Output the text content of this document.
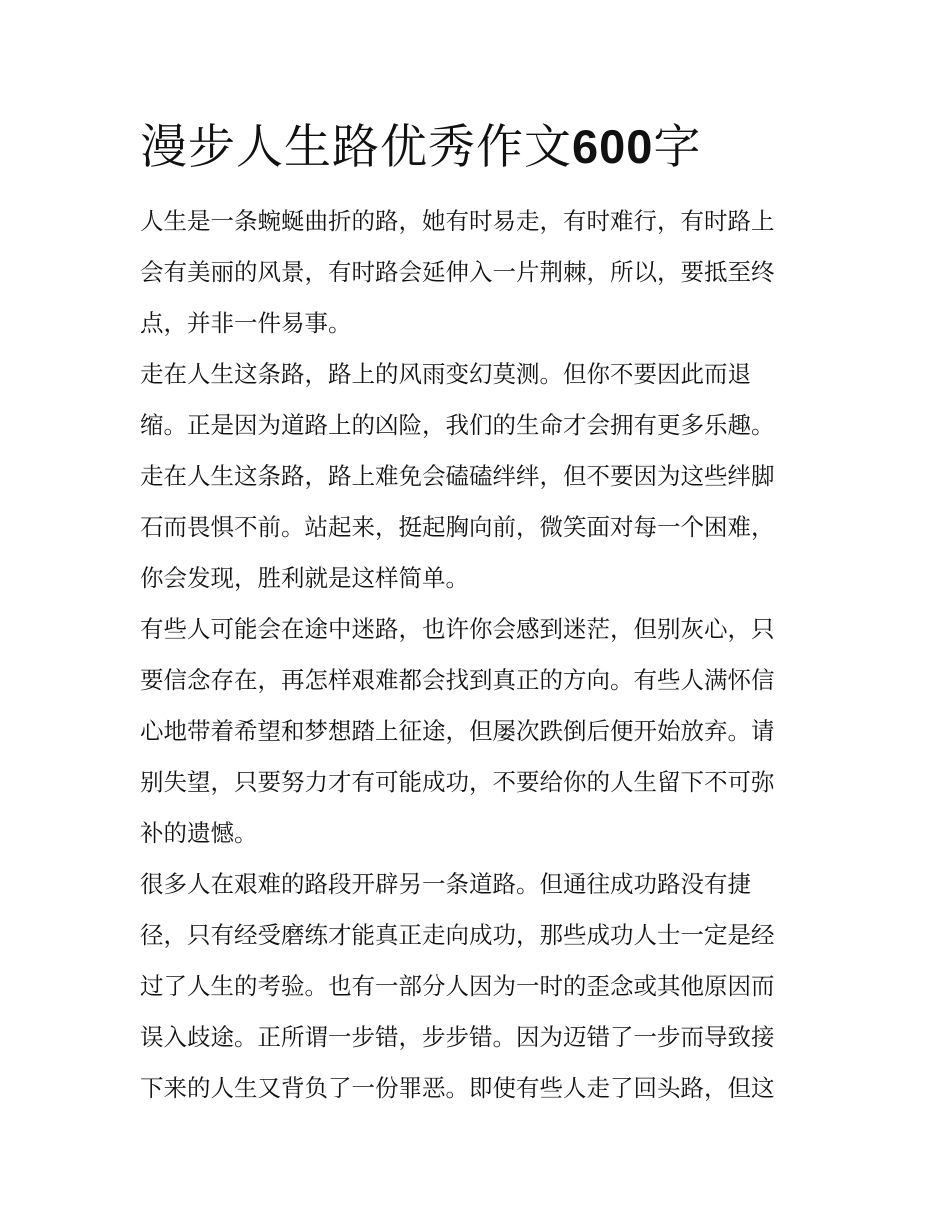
漫步人生路优秀作文600字

人生是一条蜿蜒曲折的路，她有时易走，有时难行，有时路上

会有美丽的风景，有时路会延伸入一片荆棘，所以，要抵至终

点，并非一件易事。

走在人生这条路，路上的风雨变幻莫测。但你不要因此而退

缩。正是因为道路上的凶险，我们的生命才会拥有更多乐趣。

走在人生这条路，路上难免会磕磕绊绊，但不要因为这些绊脚

石而畏惧不前。站起来，挺起胸向前，微笑面对每一个困难，

你会发现，胜利就是这样简单。

有些人可能会在途中迷路，也许你会感到迷茫，但别灰心，只

要信念存在，再怎样艰难都会找到真正的方向。有些人满怀信

心地带着希望和梦想踏上征途，但屡次跌倒后便开始放弃。请

别失望，只要努力才有可能成功，不要给你的人生留下不可弥

补的遗憾。

很多人在艰难的路段开辟另一条道路。但通往成功路没有捷

径，只有经受磨练才能真正走向成功，那些成功人士一定是经

过了人生的考验。也有一部分人因为一时的歪念或其他原因而

误入歧途。正所谓一步错，步步错。因为迈错了一步而导致接

下来的人生又背负了一份罪恶。即使有些人走了回头路，但这
